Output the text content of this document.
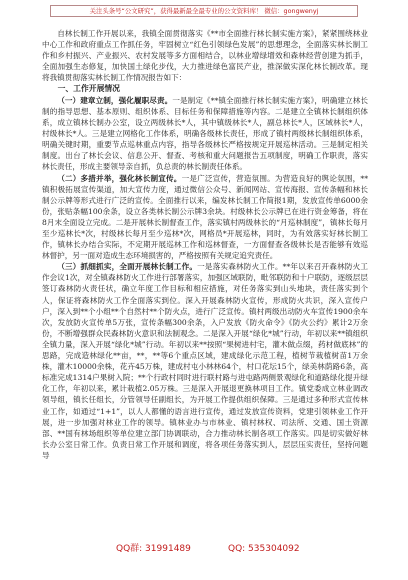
关注头条号“公文研究”，获得最新最全最专业的公文资料库！ 微信：gongwenyj

自林长制工作开展以来，我镇全面贯彻落实《**市全面推行林长制实施方案》，紧紧围绕林业中心工作和政府重点工作抓任务，牢固树立“红色引领绿色发展”的思想理念，全面落实林长制工作和乡村振兴、产业振兴、农村发展等多方面相结合，以林业增绿增效和森林经营创建为抓手，全面加强生态修复，加快国土绿化步伐，大力推进绿色富民产业，推深做实深化林长制改革。现将我镇贯彻落实林长制工作情况报告如下：

一、工作开展情况

（一）建章立制，强化履职尽责。一是制定《**镇全面推行林长制实施方案》，明确建立林长制的指导思想、基本原则、组织体系、目标任务和保障措施等内容。二是建立全镇林长制组织体系，成立镇林长制办公室，设立两级林长*人，其中镇级林长*人，副总林长*人，区域林长*人，村级林长*人。三是建立网格化工作体系，明确各级林长责任，形成了镇村两级林长制组织体系，明确关键时期，重要节点巡林重点内容，指导各级林长严格按规定开展巡林活动。三是制定相关制度。出台了林长会议、信息公开、督查、考核和重大问题报告五项制度，明确工作职责，落实林长责任，形成主要领导亲自抓，负总责的林长制责任体系。

（二）多措并举，强化林长制宣传。一是广泛宣传，营造氛围。为营造良好的舆论氛围，**镇积极拓展宣传渠道，加大宣传力度，通过微信公众号、新闻网站、宣传海报、宣传条幅和林长制公示牌等形式进行广泛的宣传。全面推行以来，编发林长制工作简报1期，发放宣传单6000余份，张贴条幅100余条，设立各类林长制公示牌3余块。村级林长公示牌已在进行资金筹备，将在8月末全面设立完成。二是开展林长制督查工作，落实镇村两级林长的“月巡林制度”，镇林长每月至少巡林长*次，村级林长每月至少巡林*次，网格员*开展巡林，同时，为有效落实好林长制工作，镇林长办结合实际，不定期开展巡林工作和巡林督查，一方面督查各级林长是否能够有效巡林督护，另一面对造成生态环境损害的，严格按照有关规定追究责任。

（三）抓细抓实，全面开展林长制工作。一是落实森林防火工作。**年以来召开森林防火工作会议1次，对全镇森林防火工作进行部署落实，加强区域联防，毗邻联防和十户联防，逐级层层签订森林防火责任状，确立年度工作目标和相应措施，对任务落实到山头地块，责任落实到个人，保证将森林防火工作全面落实到位。深入开展森林防火宣传，形成防火共识，深入宣传户户，深入到**个小组**个自然村**个防火点，进行广泛宣传。镇村两级出动防火车宣传1900余车次，发放防火宣传单5万张，宣传条幅300余条，入户发放《防火命令》《防火公约》累计2万余份，不断增强群众民森林防火意识和法制观念。二是深入开展“绿化*城”行动，年初以来**镇组织全镇力量，深入开展“绿化*城”行动。年初以来**按照“果树进村宅，灌木做点缀，药材做底林”的思路，完成造林绿化**亩，**，**等6个重点区域，建成绿化示范工程，植树节栽植树苗1万余株，灌木10000余株，花卉45万株，建成村屯小林林64个，村口花坛15个，绿美林荫路6条，高标准完成1314户果树入院；**个行政村同时进行联村路与进屯路两侧景观绿化和道路绿化提升绿化工作，年初以来，累计栽植2.05万株。三是深入开展退更换林项目工作。镇党委成立林业调改领导组，镇长任组长，分管领导任副组长，为开展工作提供组织保障。三是通过多种形式宣传林业工作，如通过“1+1”，以人人都懂的语言进行宣传，通过发放宣传资料，党建引领林业工作开展，进一步加强对林业工作的领导。镇林业办与市林业、镇村林权、司法所、交通、国土资源部、**国有林场组织等单位建立部门协调联动，合力推动林长制各项工作落实。四是切实做好林长办公室日常工作。负责日常工作开展和调度，将各项任务落实到人，层层压实责任，坚持问题导

QQ群: 31991489	QQ: 535304092
